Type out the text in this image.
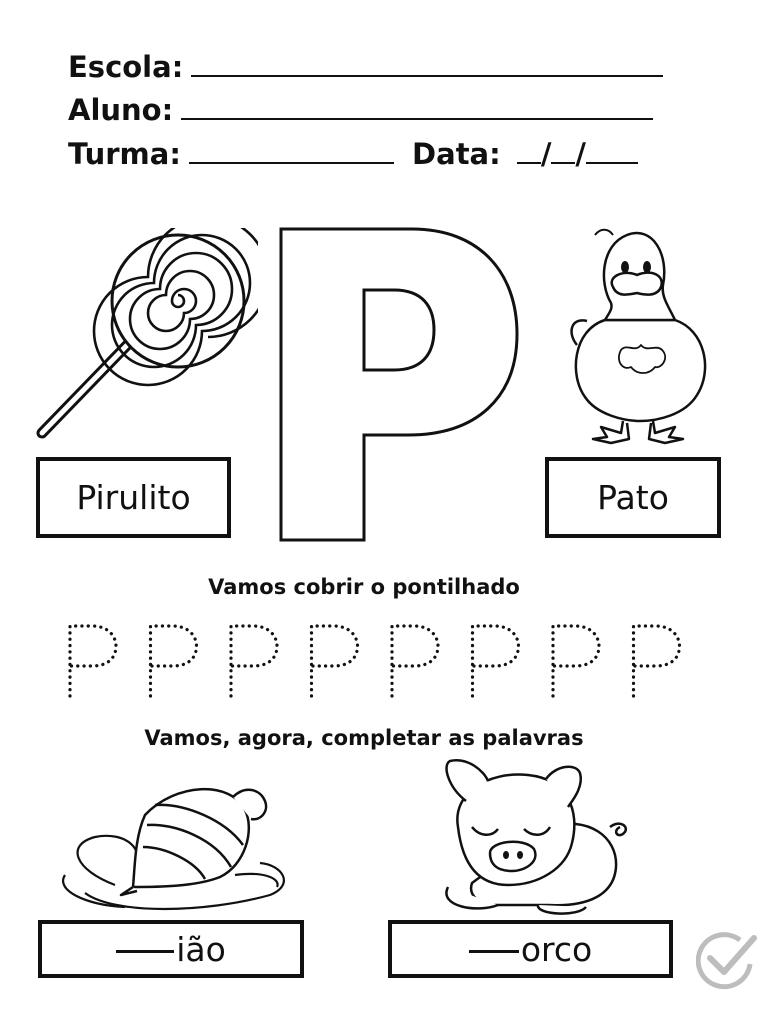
Escola:
Aluno:
Turma:	Data: / /
Pirulito	Pato
Vamos cobrir o pontilhado
Vamos, agora, completar as palavras
ião	orco
